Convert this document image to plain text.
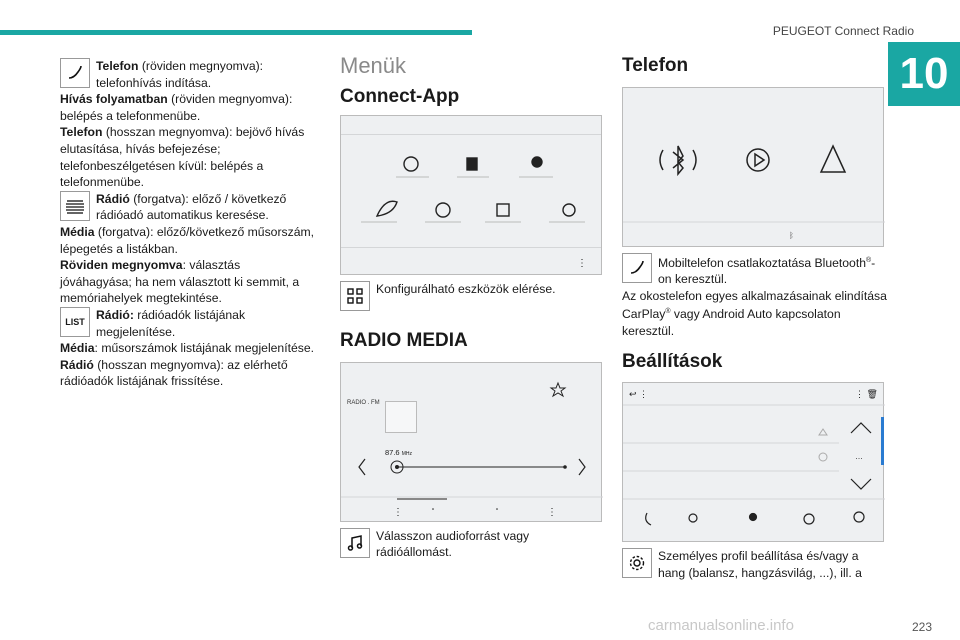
PEUGEOT Connect Radio
10

Telefon (röviden megnyomva): telefonhívás indítása.

Hívás folyamatban (röviden megnyomva): belépés a telefonmenübe.

Telefon (hosszan megnyomva): bejövő hívás elutasítása, hívás befejezése; telefonbeszélgetésen kívül: belépés a telefonmenübe.

Rádió (forgatva): előző / következő rádióadó automatikus keresése.

Média (forgatva): előző/következő műsorszám, lépegetés a listákban.

Röviden megnyomva: választás jóváhagyása; ha nem választott ki semmit, a memóriahelyek megtekintése.

LIST Rádió: rádióadók listájának megjelenítése.

Média: műsorszámok listájának megjelenítése.

Rádió (hosszan megnyomva): az elérhető rádióadók listájának frissítése.

Menük
Connect-App
⋮

Konfigurálható eszközök elérése.

RADIO MEDIA
RADIO . FM
87.6 MHz
⋮	⋮

Válasszon audioforrást vagy rádióállomást.

Telefon
ᛒ

Mobiltelefon csatlakoztatása Bluetooth®-on keresztül.

Az okostelefon egyes alkalmazásainak elindítása CarPlay® vagy Android Auto kapcsolaton keresztül.

Beállítások
↩ ⋮	⋮ 🗑
…

Személyes profil beállítása és/vagy a hang (balansz, hangzásvilág, ...), ill. a

carmanualsonline.info	223
